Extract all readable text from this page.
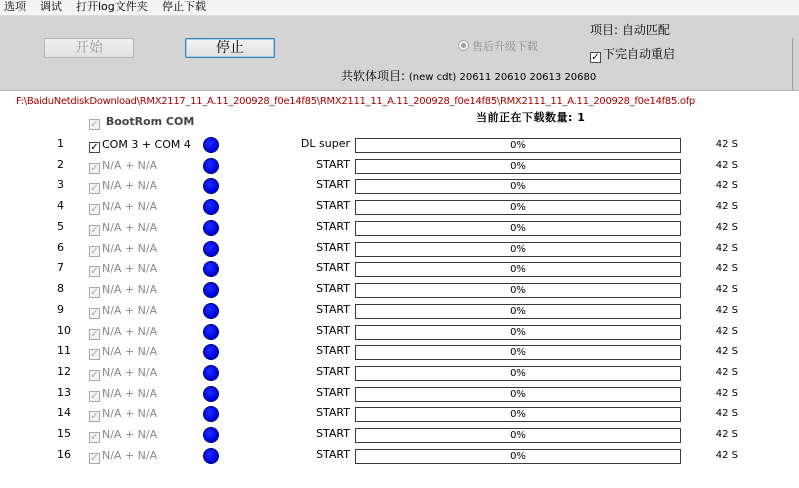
选项 调试 打开log文件夹 停止下载
开始	停止	售后升级下载
项目: 自动匹配
✓ 下完自动重启
共软体项目: (new cdt) 20611 20610 20613 20680
F:\BaiduNetdiskDownload\RMX2117_11_A.11_200928_f0e14f85\RMX2111_11_A.11_200928_f0e14f85\RMX2111_11_A.11_200928_f0e14f85.ofp
✓ BootRom COM	当前正在下载数量: 1
1	✓ COM 3 + COM 4	DL super	0%	42 S
2	✓ N/A + N/A	START	0%	42 S
3	✓ N/A + N/A	START	0%	42 S
4	✓ N/A + N/A	START	0%	42 S
5	✓ N/A + N/A	START	0%	42 S
6	✓ N/A + N/A	START	0%	42 S
7	✓ N/A + N/A	START	0%	42 S
8	✓ N/A + N/A	START	0%	42 S
9	✓ N/A + N/A	START	0%	42 S
10 ✓ N/A + N/A	START	0%	42 S
11 ✓ N/A + N/A	START	0%	42 S
12 ✓ N/A + N/A	START	0%	42 S
13 ✓ N/A + N/A	START	0%	42 S
14 ✓ N/A + N/A	START	0%	42 S
15 ✓ N/A + N/A	START	0%	42 S
16 ✓ N/A + N/A	START	0%	42 S
